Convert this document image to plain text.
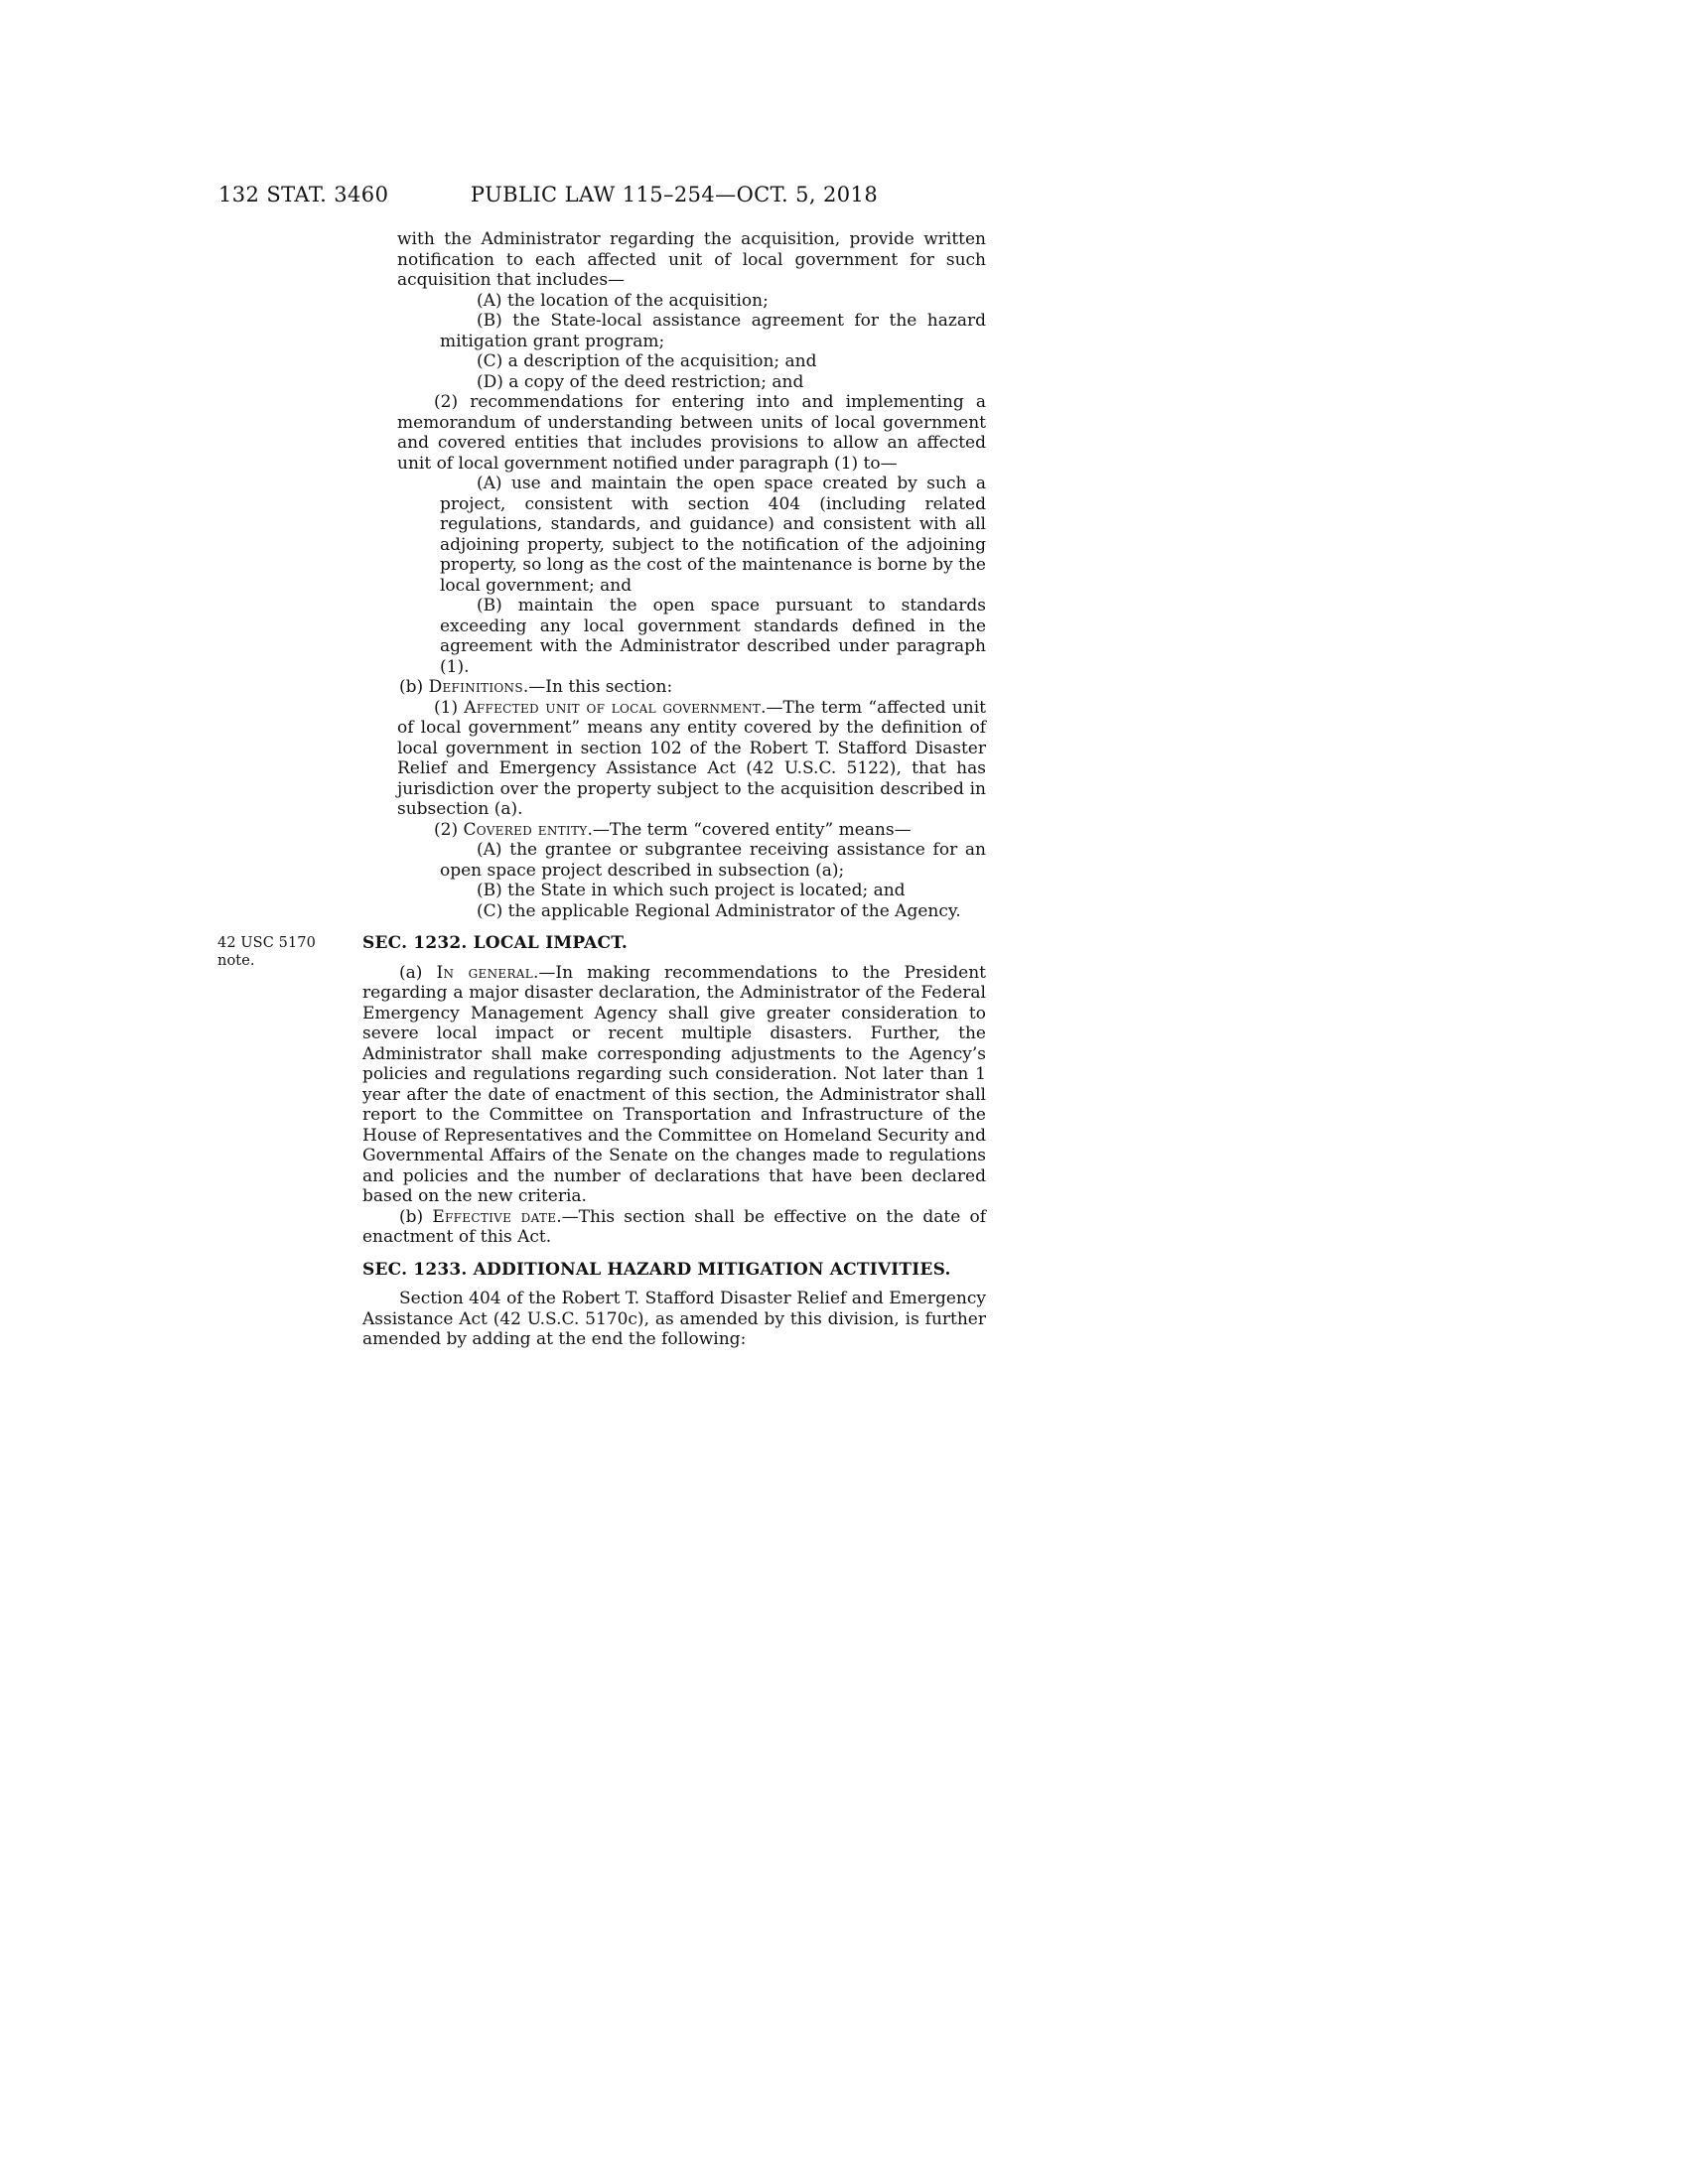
132 STAT. 3460	PUBLIC LAW 115–254—OCT. 5, 2018

with the Administrator regarding the acquisition, provide written notification to each affected unit of local government for such acquisition that includes—

(A) the location of the acquisition;

(B) the State-local assistance agreement for the hazard mitigation grant program;

(C) a description of the acquisition; and

(D) a copy of the deed restriction; and

(2) recommendations for entering into and implementing a memorandum of understanding between units of local government and covered entities that includes provisions to allow an affected unit of local government notified under paragraph (1) to—

(A) use and maintain the open space created by such a project, consistent with section 404 (including related regulations, standards, and guidance) and consistent with all adjoining property, subject to the notification of the adjoining property, so long as the cost of the maintenance is borne by the local government; and

(B) maintain the open space pursuant to standards exceeding any local government standards defined in the agreement with the Administrator described under paragraph (1).

(b) Definitions.—In this section:

(1) Affected unit of local government.—The term “affected unit of local government” means any entity covered by the definition of local government in section 102 of the Robert T. Stafford Disaster Relief and Emergency Assistance Act (42 U.S.C. 5122), that has jurisdiction over the property subject to the acquisition described in subsection (a).

(2) Covered entity.—The term “covered entity” means—

(A) the grantee or subgrantee receiving assistance for an open space project described in subsection (a);

(B) the State in which such project is located; and

(C) the applicable Regional Administrator of the Agency.

SEC. 1232. LOCAL IMPACT.
42 USC 5170
note.

(a) In general.—In making recommendations to the President regarding a major disaster declaration, the Administrator of the Federal Emergency Management Agency shall give greater consideration to severe local impact or recent multiple disasters. Further, the Administrator shall make corresponding adjustments to the Agency’s policies and regulations regarding such consideration. Not later than 1 year after the date of enactment of this section, the Administrator shall report to the Committee on Transportation and Infrastructure of the House of Representatives and the Committee on Homeland Security and Governmental Affairs of the Senate on the changes made to regulations and policies and the number of declarations that have been declared based on the new criteria.

(b) Effective date.—This section shall be effective on the date of enactment of this Act.

SEC. 1233. ADDITIONAL HAZARD MITIGATION ACTIVITIES.

Section 404 of the Robert T. Stafford Disaster Relief and Emergency Assistance Act (42 U.S.C. 5170c), as amended by this division, is further amended by adding at the end the following:
